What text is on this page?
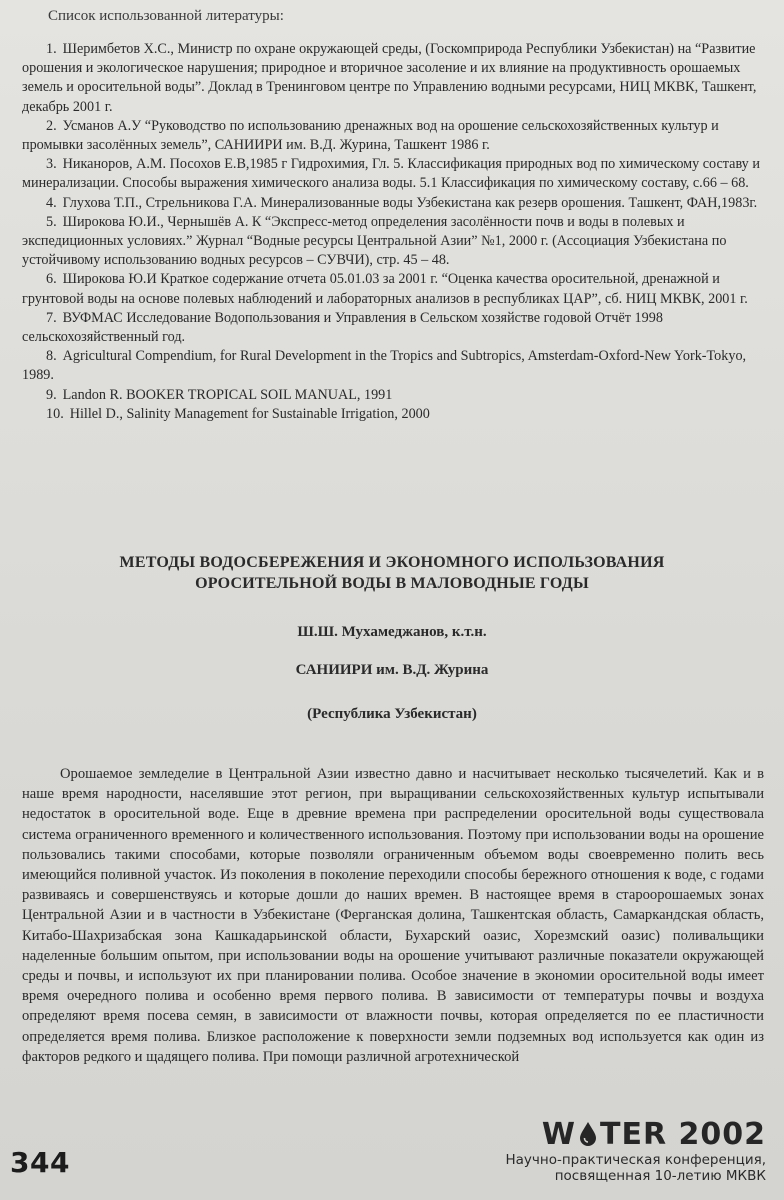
Список использованной литературы:
1. Шеримбетов Х.С., Министр по охране окружающей среды, (Госкомприрода Республики Узбекистан) на “Развитие орошения и экологическое нарушения; природное и вторичное засоление и их влияние на продуктивность орошаемых земель и оросительной воды”. Доклад в Тренинговом центре по Управлению водными ресурсами, НИЦ МКВК, Ташкент, декабрь 2001 г.
2. Усманов А.У “Руководство по использованию дренажных вод на орошение сельскохозяйственных культур и промывки засолённых земель”, САНИИРИ им. В.Д. Журина, Ташкент 1986 г.
3. Никаноров, А.М. Посохов Е.В,1985 г Гидрохимия, Гл. 5. Классификация природных вод по химическому составу и минерализации. Способы выражения химического анализа воды. 5.1 Классификация по химическому составу, с.66 – 68.
4. Глухова Т.П., Стрельникова Г.А. Минерализованные воды Узбекистана как резерв орошения. Ташкент, ФАН,1983г.
5. Широкова Ю.И., Чернышёв А. К “Экспресс-метод определения засолённости почв и воды в полевых и экспедиционных условиях.” Журнал “Водные ресурсы Центральной Азии” №1, 2000 г. (Ассоциация Узбекистана по устойчивому использованию водных ресурсов – СУВЧИ), стр. 45 – 48.
6. Широкова Ю.И Краткое содержание отчета 05.01.03 за 2001 г. “Оценка качества оросительной, дренажной и грунтовой воды на основе полевых наблюдений и лабораторных анализов в республиках ЦАР”, сб. НИЦ МКВК, 2001 г.
7. ВУФМАС Исследование Водопользования и Управления в Сельском хозяйстве годовой Отчёт 1998 сельскохозяйственный год.
8. Agricultural Compendium, for Rural Development in the Tropics and Subtropics, Amsterdam-Oxford-New York-Tokyo, 1989.
9. Landon R. BOOKER TROPICAL SOIL MANUAL, 1991
10. Hillel D., Salinity Management for Sustainable Irrigation, 2000
МЕТОДЫ ВОДОСБЕРЕЖЕНИЯ И ЭКОНОМНОГО ИСПОЛЬЗОВАНИЯ ОРОСИТЕЛЬНОЙ ВОДЫ В МАЛОВОДНЫЕ ГОДЫ
Ш.Ш. Мухамеджанов, к.т.н.
САНИИРИ им. В.Д. Журина
(Республика Узбекистан)

Орошаемое земледелие в Центральной Азии известно давно и насчитывает несколько тысячелетий. Как и в наше время народности, населявшие этот регион, при выращивании сельскохозяйственных культур испытывали недостаток в оросительной воде. Еще в древние времена при распределении оросительной воды существовала система ограниченного временного и количественного использования. Поэтому при использовании воды на орошение пользовались такими способами, которые позволяли ограниченным объемом воды своевременно полить весь имеющийся поливной участок. Из поколения в поколение переходили способы бережного отношения к воде, с годами развиваясь и совершенствуясь и которые дошли до наших времен. В настоящее время в староорошаемых зонах Центральной Азии и в частности в Узбекистане (Ферганская долина, Ташкентская область, Самаркандская область, Китабо-Шахризабская зона Кашкадарьинской области, Бухарский оазис, Хорезмский оазис) поливальщики наделенные большим опытом, при использовании воды на орошение учитывают различные показатели окружающей среды и почвы, и используют их при планировании полива. Особое значение в экономии оросительной воды имеет время очередного полива и особенно время первого полива. В зависимости от температуры почвы и воздуха определяют время посева семян, в зависимости от влажности почвы, которая определяется по ее пластичности определяется время полива. Близкое расположение к поверхности земли подземных вод используется как один из факторов редкого и щадящего полива. При помощи различной агротехнической

344
W TER 2002
Научно-практическая конференция,
посвященная 10-летию МКВК
